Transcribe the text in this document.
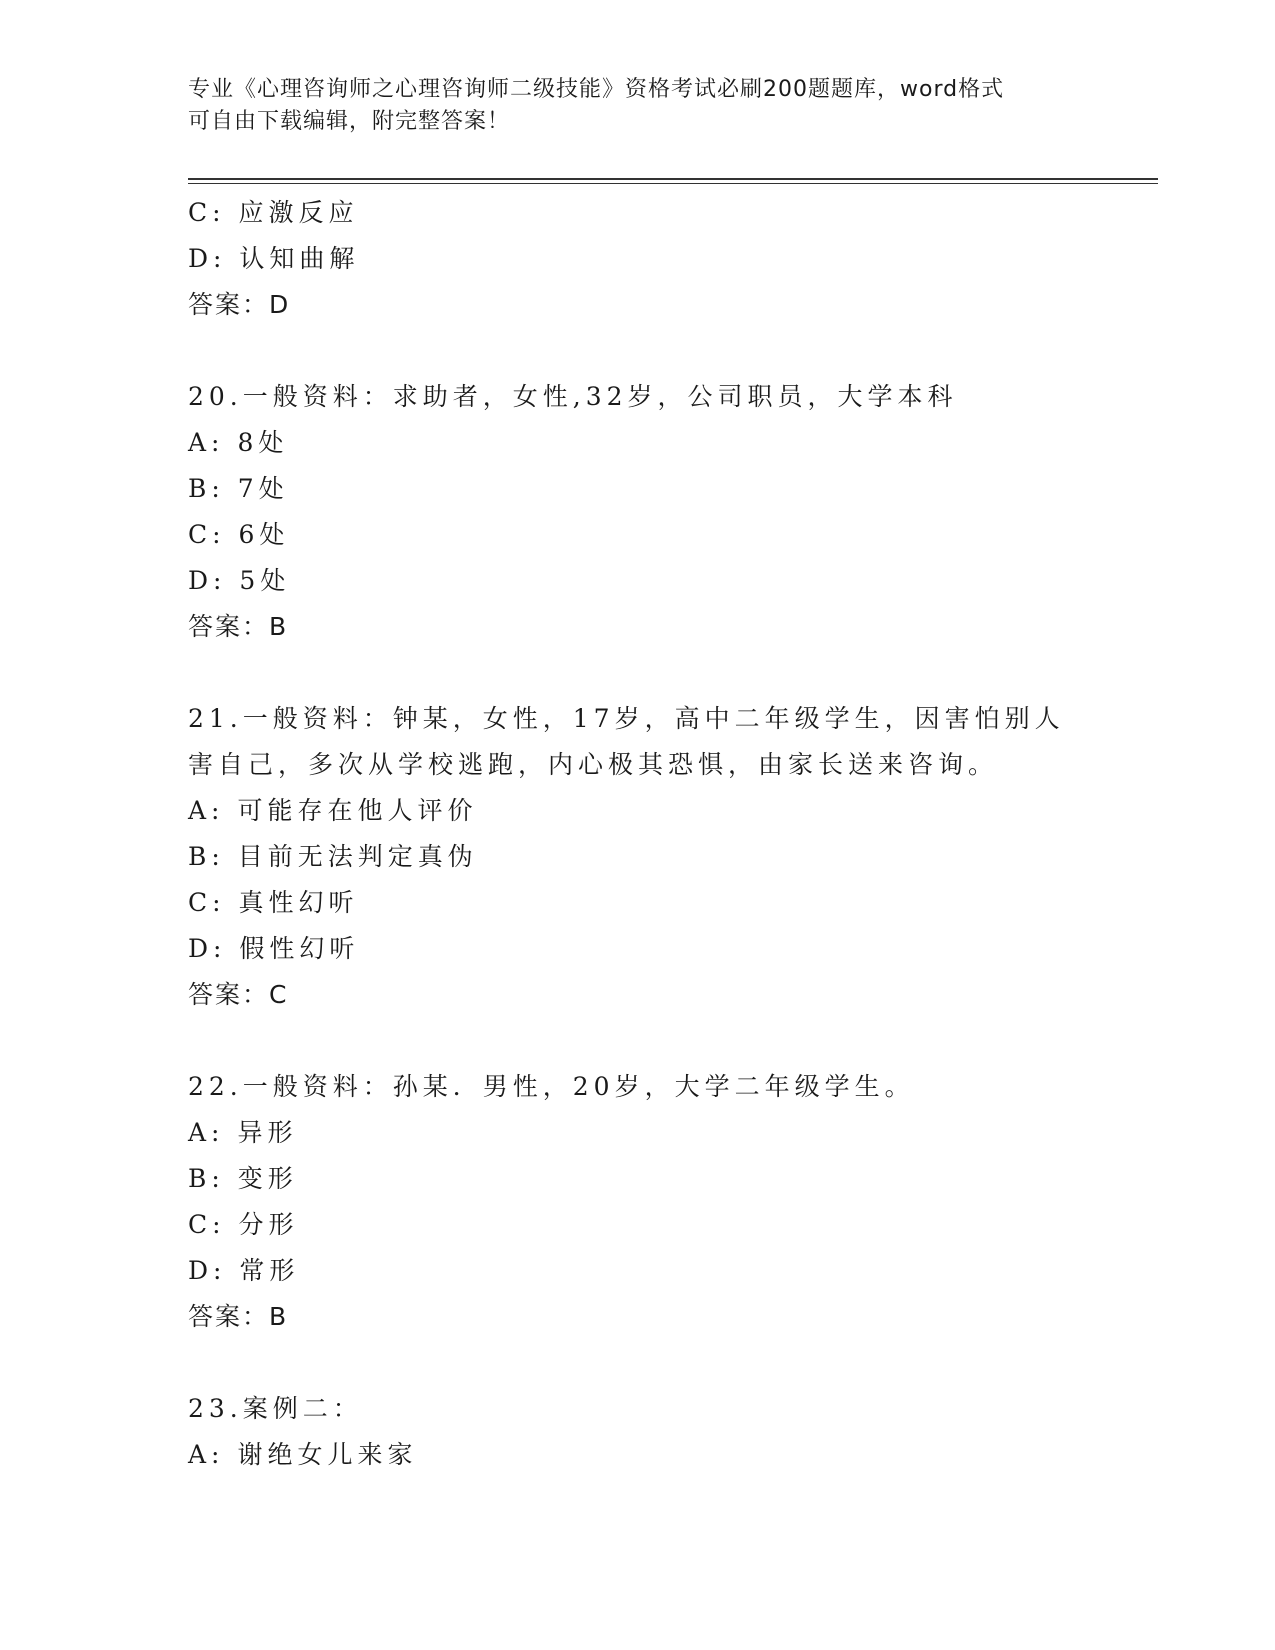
专业《心理咨询师之心理咨询师二级技能》资格考试必刷200题题库，word格式
可自由下载编辑，附完整答案！
C: 应激反应
D: 认知曲解
答案：D
20.一般资料：求助者，女性,32岁，公司职员，大学本科
A: 8处
B: 7处
C: 6处
D: 5处
答案：B
21.一般资料：钟某，女性，17岁，高中二年级学生，因害怕别人害自己，多次从学校逃跑，内心极其恐惧，由家长送来咨询。
A: 可能存在他人评价
B: 目前无法判定真伪
C: 真性幻听
D: 假性幻听
答案：C
22.一般资料：孙某．男性，20岁，大学二年级学生。
A: 异形
B: 变形
C: 分形
D: 常形
答案：B
23.案例二：
A: 谢绝女儿来家
